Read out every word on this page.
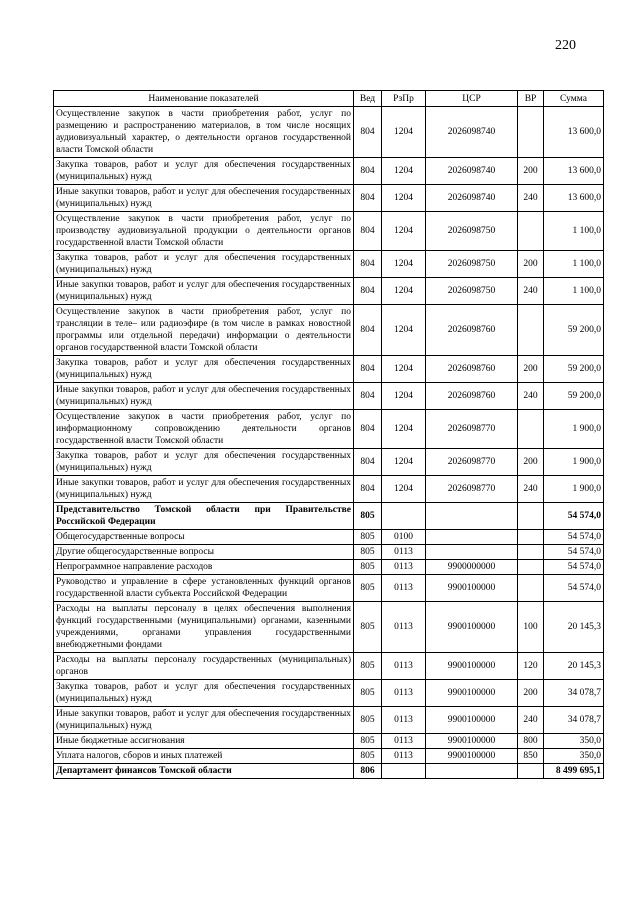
220
Наименование показателей	Вед	РзПр	ЦСР	ВР	Сумма
Осуществление закупок в части приобретения работ, услуг по размещению и распространению материалов, в том числе носящих аудиовизуальный характер, о деятельности органов государственной власти Томской области	804	1204	2026098740		13 600,0
Закупка товаров, работ и услуг для обеспечения государственных (муниципальных) нужд	804	1204	2026098740	200	13 600,0
Иные закупки товаров, работ и услуг для обеспечения государственных (муниципальных) нужд	804	1204	2026098740	240	13 600,0
Осуществление закупок в части приобретения работ, услуг по производству аудиовизуальной продукции о деятельности органов государственной власти Томской области	804	1204	2026098750		1 100,0
Закупка товаров, работ и услуг для обеспечения государственных (муниципальных) нужд	804	1204	2026098750	200	1 100,0
Иные закупки товаров, работ и услуг для обеспечения государственных (муниципальных) нужд	804	1204	2026098750	240	1 100,0
Осуществление закупок в части приобретения работ, услуг по трансляции в теле– или радиоэфире (в том числе в рамках новостной программы или отдельной передачи) информации о деятельности органов государственной власти Томской области	804	1204	2026098760		59 200,0
Закупка товаров, работ и услуг для обеспечения государственных (муниципальных) нужд	804	1204	2026098760	200	59 200,0
Иные закупки товаров, работ и услуг для обеспечения государственных (муниципальных) нужд	804	1204	2026098760	240	59 200,0
Осуществление закупок в части приобретения работ, услуг по информационному сопровождению деятельности органов государственной власти Томской области	804	1204	2026098770		1 900,0
Закупка товаров, работ и услуг для обеспечения государственных (муниципальных) нужд	804	1204	2026098770	200	1 900,0
Иные закупки товаров, работ и услуг для обеспечения государственных (муниципальных) нужд	804	1204	2026098770	240	1 900,0
Представительство Томской области при Правительстве Российской Федерации	805				54 574,0
Общегосударственные вопросы	805	0100			54 574,0
Другие общегосударственные вопросы	805	0113			54 574,0
Непрограммное направление расходов	805	0113	9900000000		54 574,0
Руководство и управление в сфере установленных функций органов государственной власти субъекта Российской Федерации	805	0113	9900100000		54 574,0
Расходы на выплаты персоналу в целях обеспечения выполнения функций государственными (муниципальными) органами, казенными учреждениями, органами управления государственными внебюджетными фондами	805	0113	9900100000	100	20 145,3
Расходы на выплаты персоналу государственных (муниципальных) органов	805	0113	9900100000	120	20 145,3
Закупка товаров, работ и услуг для обеспечения государственных (муниципальных) нужд	805	0113	9900100000	200	34 078,7
Иные закупки товаров, работ и услуг для обеспечения государственных (муниципальных) нужд	805	0113	9900100000	240	34 078,7
Иные бюджетные ассигнования	805	0113	9900100000	800	350,0
Уплата налогов, сборов и иных платежей	805	0113	9900100000	850	350,0
Департамент финансов Томской области	806				8 499 695,1
